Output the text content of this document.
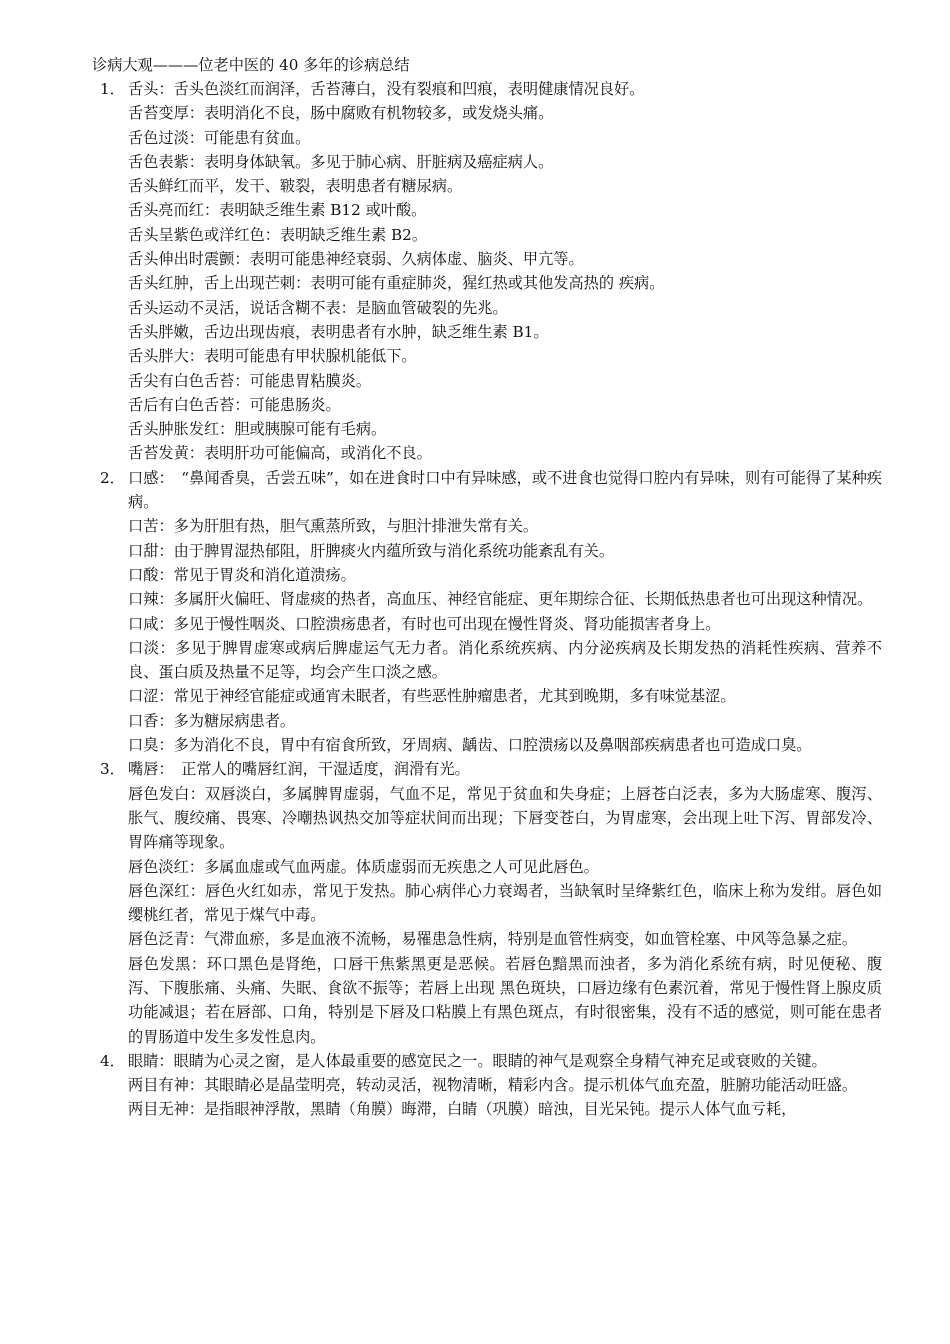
诊病大观———位老中医的 40 多年的诊病总结
1． 舌头：舌头色淡红而润泽，舌苔薄白，没有裂痕和凹痕，表明健康情况良好。
舌苔变厚：表明消化不良，肠中腐败有机物较多，或发烧头痛。
舌色过淡：可能患有贫血。
舌色表紫：表明身体缺氧。多见于肺心病、肝脏病及癌症病人。
舌头鲜红而平，发干、皲裂，表明患者有糖尿病。
舌头亮而红：表明缺乏维生素 B12 或叶酸。
舌头呈紫色或洋红色：表明缺乏维生素 B2。
舌头伸出时震颤：表明可能患神经衰弱、久病体虚、脑炎、甲亢等。
舌头红肿，舌上出现芒刺：表明可能有重症肺炎，猩红热或其他发高热的 疾病。
舌头运动不灵活，说话含糊不表：是脑血管破裂的先兆。
舌头胖嫩，舌边出现齿痕，表明患者有水肿，缺乏维生素 B1。
舌头胖大：表明可能患有甲状腺机能低下。
舌尖有白色舌苔：可能患胃粘膜炎。
舌后有白色舌苔：可能患肠炎。
舌头肿胀发红：胆或胰腺可能有毛病。
舌苔发黄：表明肝功可能偏高，或消化不良。
2． 口感：　“鼻闻香臭，舌尝五味”，如在进食时口中有异味感，或不进食也觉得口腔内有异味，则有可能得了某种疾病。
口苦：多为肝胆有热，胆气熏蒸所致，与胆汁排泄失常有关。
口甜：由于脾胃湿热郁阻，肝脾痰火内蕴所致与消化系统功能紊乱有关。
口酸：常见于胃炎和消化道溃疡。
口辣：多属肝火偏旺、肾虚痰的热者，高血压、神经官能症、更年期综合征、长期低热患者也可出现这种情况。
口咸：多见于慢性咽炎、口腔溃疡患者，有时也可出现在慢性肾炎、肾功能损害者身上。
口淡：多见于脾胃虚寒或病后脾虚运气无力者。消化系统疾病、内分泌疾病及长期发热的消耗性疾病、营养不良、蛋白质及热量不足等，均会产生口淡之感。
口涩：常见于神经官能症或通宵未眠者，有些恶性肿瘤患者，尤其到晚期，多有味觉基涩。
口香：多为糖尿病患者。
口臭：多为消化不良，胃中有宿食所致，牙周病、龋齿、口腔溃疡以及鼻咽部疾病患者也可造成口臭。
3． 嘴唇：　正常人的嘴唇红润，干湿适度，润滑有光。
唇色发白：双唇淡白，多属脾胃虚弱，气血不足，常见于贫血和失身症；上唇苍白泛表，多为大肠虚寒、腹泻、胀气、腹绞痛、畏寒、冷嘲热讽热交加等症状间而出现；下唇变苍白，为胃虚寒，会出现上吐下泻、胃部发冷、胃阵痛等现象。
唇色淡红：多属血虚或气血两虚。体质虚弱而无疾患之人可见此唇色。
唇色深红：唇色火红如赤，常见于发热。肺心病伴心力衰竭者，当缺氧时呈绛紫红色，临床上称为发绀。唇色如缨桃红者，常见于煤气中毒。
唇色泛青：气滞血瘀，多是血液不流畅，易罹患急性病，特别是血管性病变，如血管栓塞、中风等急暴之症。
唇色发黑：环口黑色是肾绝，口唇干焦紫黑更是恶候。若唇色黯黑而浊者，多为消化系统有病，时见便秘、腹泻、下腹胀痛、头痛、失眠、食欲不振等；若唇上出现 黑色斑块，口唇边缘有色素沉着，常见于慢性肾上腺皮质功能减退；若在唇部、口角，特别是下唇及口粘膜上有黑色斑点，有时很密集，没有不适的感觉，则可能在患者的胃肠道中发生多发性息肉。
4． 眼睛：眼睛为心灵之窗，是人体最重要的感宽民之一。眼睛的神气是观察全身精气神充足或衰败的关键。
两目有神：其眼睛必是晶莹明亮，转动灵活，视物清晰，精彩内含。提示机体气血充盈，脏腑功能活动旺盛。
两目无神：是指眼神浮散，黑睛（角膜）晦滞，白睛（巩膜）暗浊，目光呆钝。提示人体气血亏耗，
